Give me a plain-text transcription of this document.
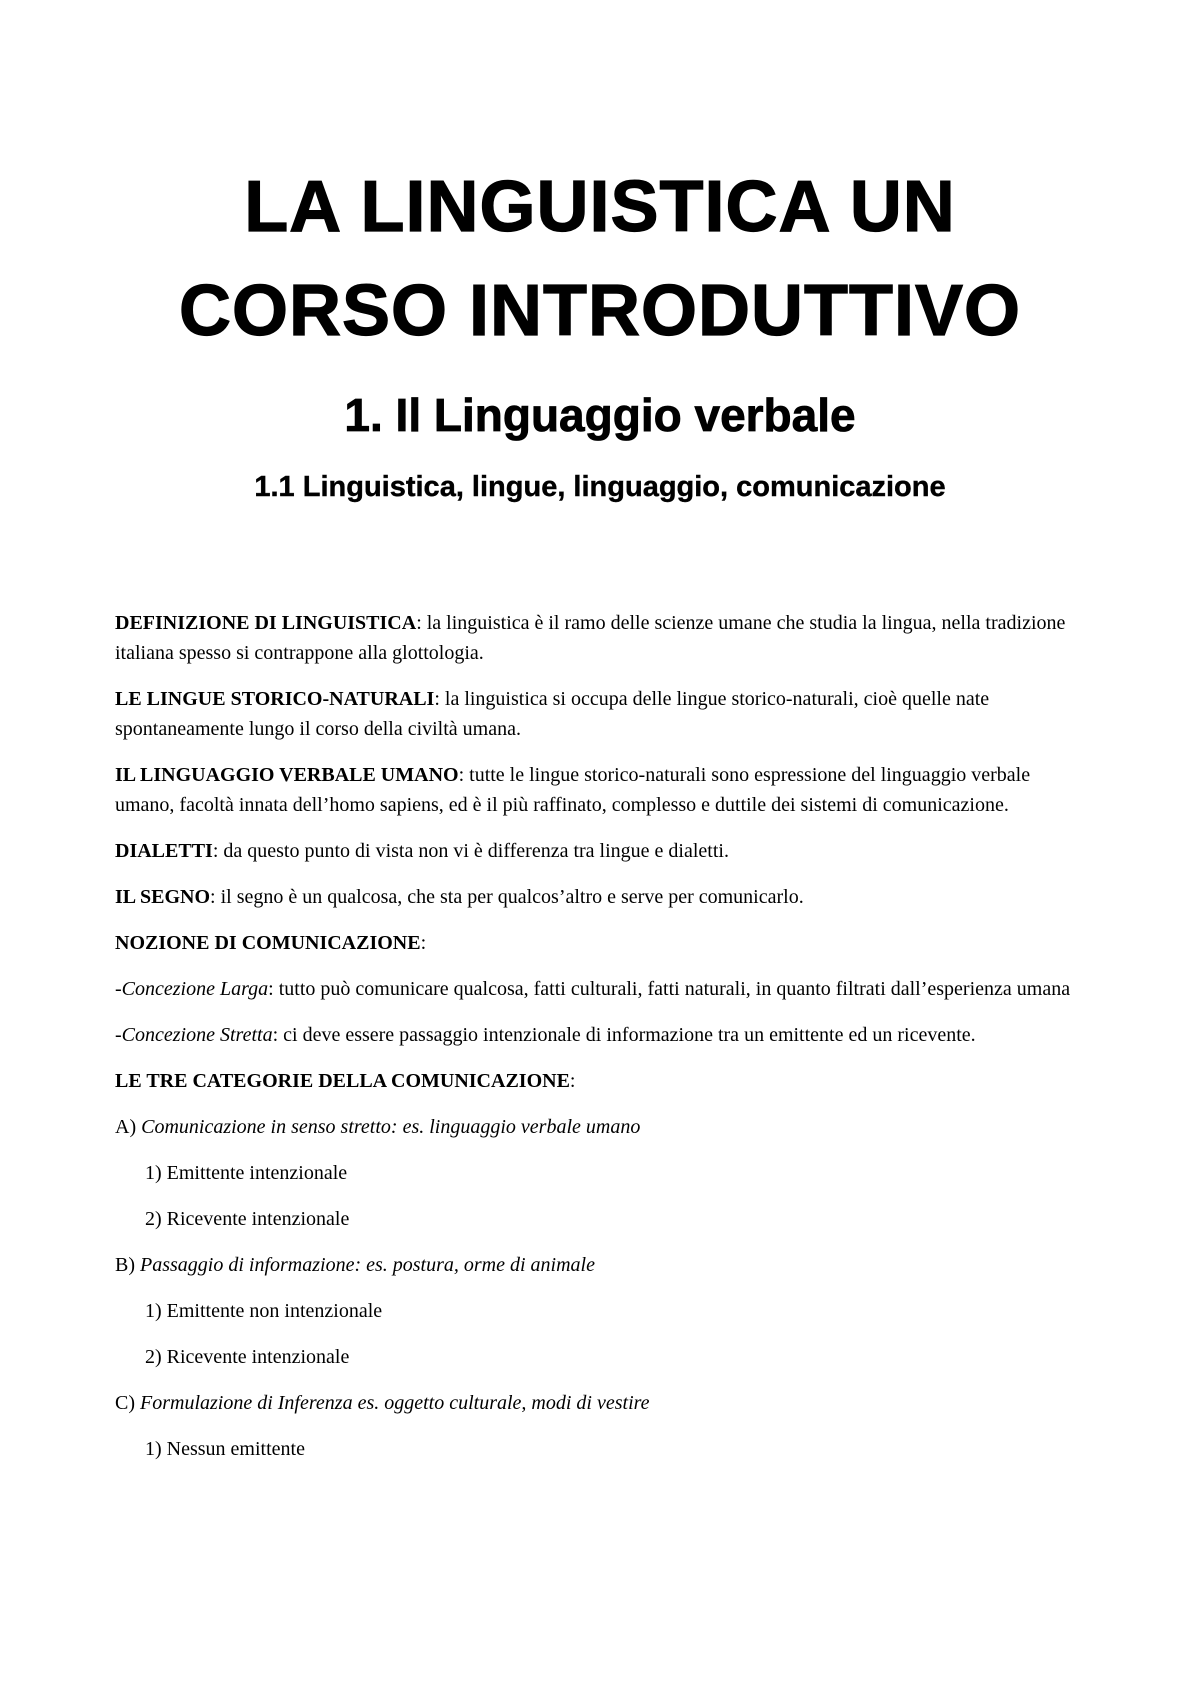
LA LINGUISTICA UN

CORSO INTRODUTTIVO

1. Il Linguaggio verbale

1.1 Linguistica, lingue, linguaggio, comunicazione

DEFINIZIONE DI LINGUISTICA: la linguistica è il ramo delle scienze umane che studia la lingua, nella tradizione italiana spesso si contrappone alla glottologia.

LE LINGUE STORICO-NATURALI: la linguistica si occupa delle lingue storico-naturali, cioè quelle nate spontaneamente lungo il corso della civiltà umana.

IL LINGUAGGIO VERBALE UMANO: tutte le lingue storico-naturali sono espressione del linguaggio verbale umano, facoltà innata dell’homo sapiens, ed è il più raffinato, complesso e duttile dei sistemi di comunicazione.

DIALETTI: da questo punto di vista non vi è differenza tra lingue e dialetti.

IL SEGNO: il segno è un qualcosa, che sta per qualcos’altro e serve per comunicarlo.

NOZIONE DI COMUNICAZIONE:

-Concezione Larga: tutto può comunicare qualcosa, fatti culturali, fatti naturali, in quanto filtrati dall’esperienza umana

-Concezione Stretta: ci deve essere passaggio intenzionale di informazione tra un emittente ed un ricevente.

LE TRE CATEGORIE DELLA COMUNICAZIONE:

A) Comunicazione in senso stretto: es. linguaggio verbale umano

1) Emittente intenzionale

2) Ricevente intenzionale

B) Passaggio di informazione: es. postura, orme di animale

1) Emittente non intenzionale

2) Ricevente intenzionale

C) Formulazione di Inferenza es. oggetto culturale, modi di vestire

1) Nessun emittente
